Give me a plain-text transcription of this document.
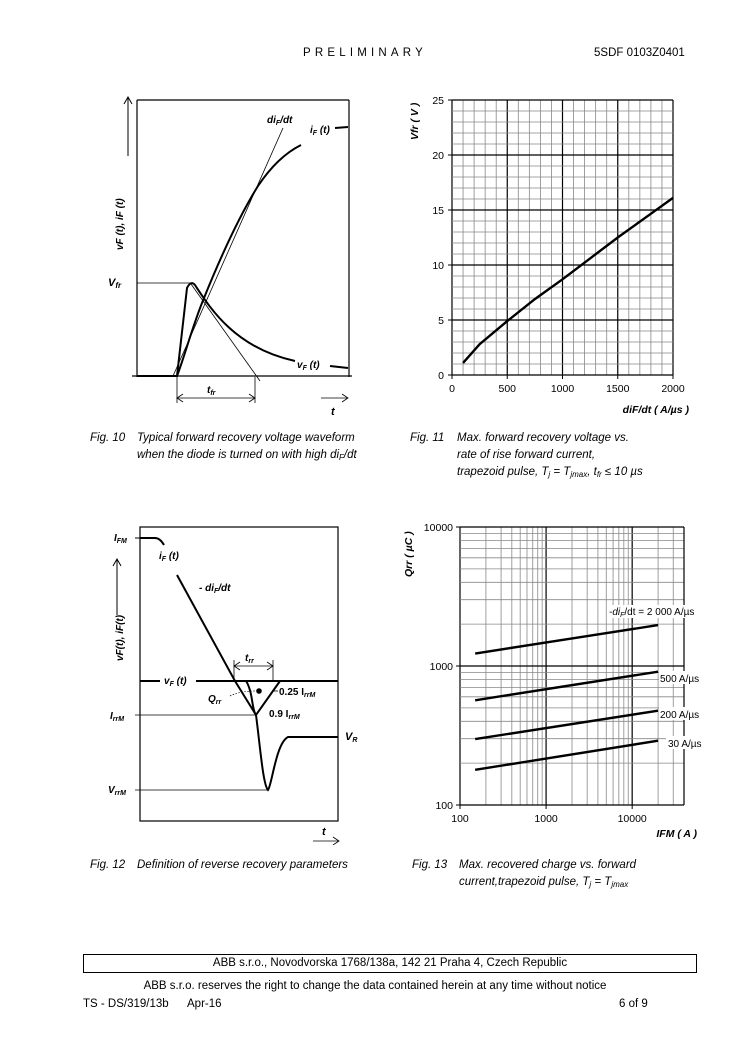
PRELIMINARY	5SDF 0103Z0401
vF (t), iF (t)
Vfr
$di_F/dt$
$i_F$ (t)
$v_F$ (t)
$t_{fr}$
t
0	500	1000	1500	2000
0
5
10
15
20
25
Vfr ( V )
diF/dt ( A/µs )
Fig. 10 Typical forward recovery voltage waveform
when the diode is turned on with high $di_F/dt$
Fig. 11 Max. forward recovery voltage vs.
rate of rise forward current,
trapezoid pulse, $T_j = T_{jmax}$, $t_{fr} \le 10$ µs
vF(t), iF(t)
$I_{FM}$
$i_F$ (t)
- $di_F/dt$
$t_{rr}$
$v_F$ (t)
$Q_{rr}$
0.25 $I_{rrM}$
0.9 $I_{rrM}$
$I_{rrM}$
VR
$V_{rrM}$
t
100	1000	10000
100
1000
10000
Qrr ( µC )
IFM ( A )
$-di_F/dt = 2$ 000 A/µs
500 A/µs
200 A/µs
30 A/µs
Fig. 12 Definition of reverse recovery parameters	Fig. 13 Max. recovered charge vs. forward
current,trapezoid pulse, $T_j = T_{jmax}$
ABB s.r.o., Novodvorska 1768/138a, 142 21 Praha 4, Czech Republic
ABB s.r.o. reserves the right to change the data contained herein at any time without notice
TS - DS/319/13b Apr-16	6 of 9
